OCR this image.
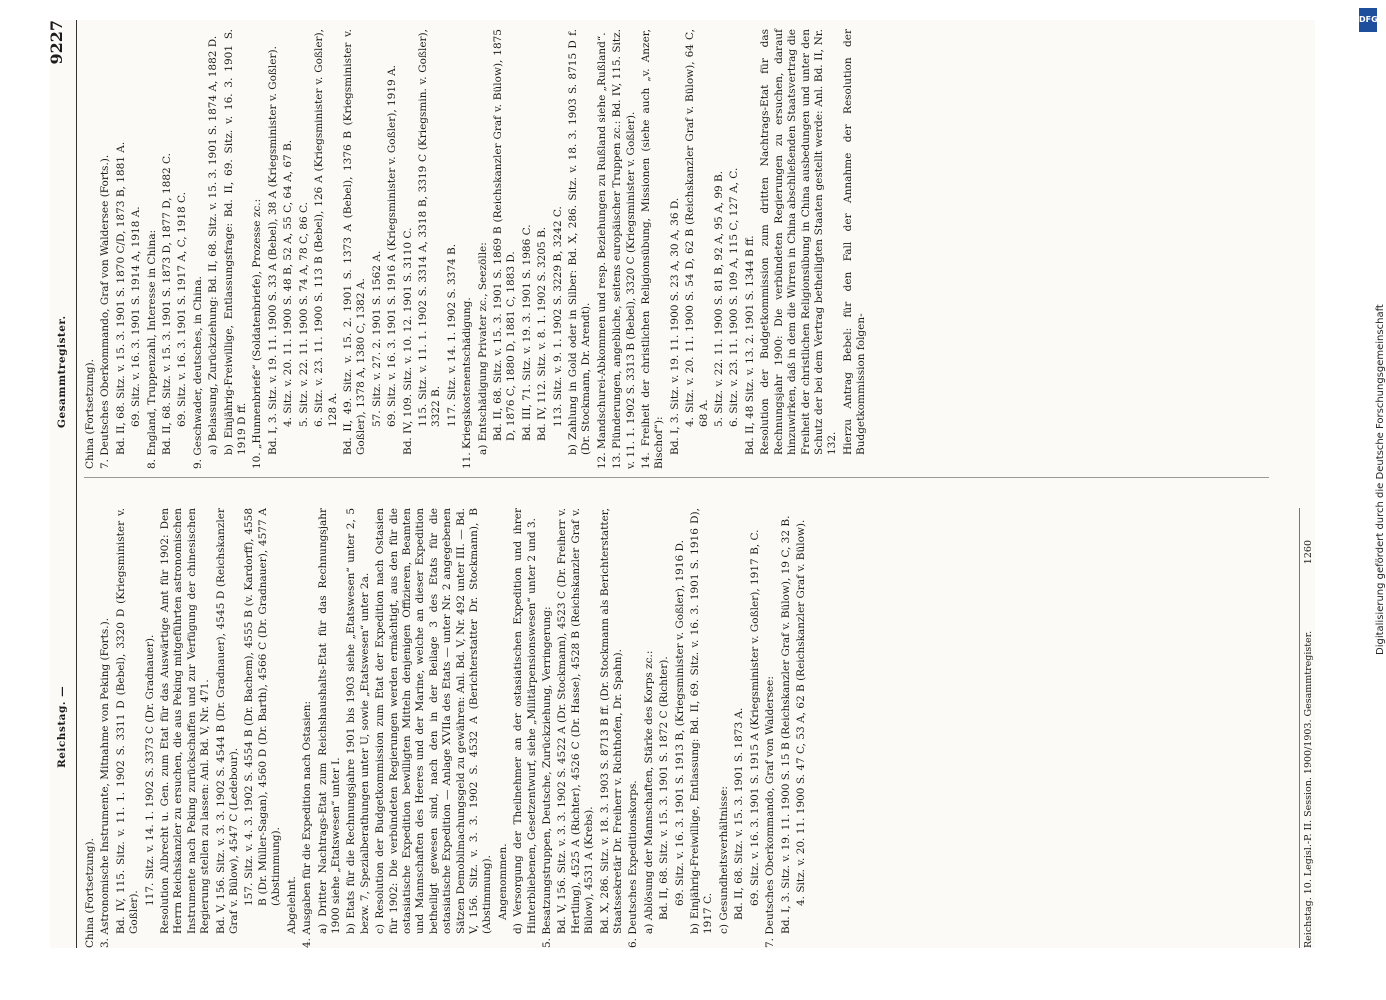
Reichstag. —
Gesammtregister.
9227

China (Fortsetzung). 3. Astronomische Instrumente, Mitnahme von Peking (Forts.). Bd. IV, 115. Sitz. v. 11. 1. 1902 S. 3311 D (Bebel), 3320 D (Kriegsminister v. Goßler).

117. Sitz. v. 14. 1. 1902 S. 3373 C (Dr. Gradnauer). Resolution Albrecht u. Gen. zum Etat für das Auswärtige Amt für 1902: Den Herrn Reichskanzler zu ersuchen, die aus Peking mitgeführten astronomischen Instrumente nach Peking zurückschaffen und zur Verfügung der chinesischen Regierung stellen zu lassen: Anl. Bd. V, Nr. 471. Bd. V, 156. Sitz. v. 3. 3. 1902 S. 4544 B (Dr. Gradnauer), 4545 D (Reichskanzler Graf v. Bülow), 4547 C (Ledebour). 157. Sitz. v. 4. 3. 1902 S. 4554 B (Dr. Bachem), 4555 B (v. Kardorff), 4558 B (Dr. Müller-Sagan), 4560 D (Dr. Barth), 4566 C (Dr. Gradnauer), 4577 A (Abstimmung). Abgelehnt. 4. Ausgaben für die Expedition nach Ostasien: a) Dritter Nachtrags-Etat zum Reichshaushalts-Etat für das Rechnungsjahr 1900 siehe „Etatswesen“ unter I. b) Etats für die Rechnungsjahre 1901 bis 1903 siehe „Etatswesen“ unter 2, 5 bezw. 7, Spezialberathungen unter U, sowie „Etatswesen“ unter 2a. c) Resolution der Budgetkommission zum Etat der Expedition nach Ostasien für 1902: Die verbündeten Regierungen werden ermächtigt, aus den für die ostasiatische Expedition bewilligten Mitteln denjenigen Offizieren, Beamten und Mannschaften des Heeres und der Marine, welche an dieser Expedition betheiligt gewesen sind, nach den in der Beilage 3 des Etats für die ostasiatische Expedition — Anlage XVIIa des Etats — unter Nr. 2 angegebenen Sätzen Demobilmachungsgeld zu gewähren: Anl. Bd. V, Nr. 492 unter III. — Bd. V, 156. Sitz. v. 3. 3. 1902 S. 4532 A (Berichterstatter Dr. Stockmann), B (Abstimmung). Angenommen. d) Versorgung der Theilnehmer an der ostasiatischen Expedition und ihrer Hinterbliebenen, Gesetzentwurf, siehe „Militärpensionswesen“ unter 2 und 3. 5. Besatzungstruppen, Deutsche, Zurückziehung, Verringerung: Bd. V, 156. Sitz. v. 3. 3. 1902 S. 4522 A (Dr. Stockmann), 4523 C (Dr. Freiherr v. Hertling), 4525 A (Richter), 4526 C (Dr. Hasse), 4528 B (Reichskanzler Graf v. Bülow), 4531 A (Krebs). Bd. X, 286. Sitz. v. 18. 3. 1903 S. 8713 B ff. (Dr. Stockmann als Berichterstatter, Staatssekretär Dr. Freiherr v. Richthofen, Dr. Spahn). 6. Deutsches Expeditionskorps. a) Ablösung der Mannschaften, Stärke des Korps zc.: Bd. II, 68. Sitz. v. 15. 3. 1901 S. 1872 C (Richter). 69. Sitz. v. 16. 3. 1901 S. 1913 B, (Kriegsminister v. Goßler), 1916 D. b) Einjährig-Freiwillige, Entlassung: Bd. II, 69. Sitz. v. 16. 3. 1901 S. 1916 D), 1917 C. c) Gesundheitsverhältnisse: Bd. II, 68. Sitz. v. 15. 3. 1901 S. 1873 A. 69. Sitz. v. 16. 3. 1901 S. 1915 A (Kriegsminister v. Goßler), 1917 B, C. 7. Deutsches Oberkommando, Graf von Waldersee: Bd. I, 3. Sitz. v. 19. 11. 1900 S. 15 B (Reichskanzler Graf v. Bülow), 19 C, 32 B. 4. Sitz. v. 20. 11. 1900 S. 47 C, 53 A, 62 B (Reichskanzler Graf v. Bülow).

China (Fortsetzung). 7. Deutsches Oberkommando, Graf von Waldersee (Forts.). Bd. II, 68. Sitz. v. 15. 3. 1901 S. 1870 C/D, 1873 B, 1881 A. 69. Sitz. v. 16. 3. 1901 S. 1914 A, 1918 A. 8. England, Truppenzahl, Interesse in China: Bd. II, 68. Sitz. v. 15. 3. 1901 S. 1873 D, 1877 D, 1882 C. 69. Sitz. v. 16. 3. 1901 S. 1917 A, C, 1918 C. 9. Geschwader, deutsches, in China. a) Belassung, Zurückziehung: Bd. II, 68. Sitz. v. 15. 3. 1901 S. 1874 A, 1882 D. b) Einjährig-Freiwillige, Entlassungsfrage: Bd. II, 69. Sitz. v. 16. 3. 1901 S. 1919 D ff. 10. „Hunnenbriefe“ (Soldatenbriefe), Prozesse zc.: Bd. I, 3. Sitz. v. 19. 11. 1900 S. 33 A (Bebel), 38 A (Kriegsminister v. Goßler). 4. Sitz. v. 20. 11. 1900 S. 48 B, 52 A, 55 C, 64 A, 67 B. 5. Sitz. v. 22. 11. 1900 S. 74 A, 78 C, 86 C. 6. Sitz. v. 23. 11. 1900 S. 113 B (Bebel), 126 A (Kriegsminister v. Goßler), 128 A. Bd. II, 49. Sitz. v. 15. 2. 1901 S. 1373 A (Bebel), 1376 B (Kriegsminister v. Goßler), 1378 A, 1380 C, 1382 A. 57. Sitz. v. 27. 2. 1901 S. 1562 A. 69. Sitz. v. 16. 3. 1901 S. 1916 A (Kriegsminister v. Goßler), 1919 A. Bd. IV, 109. Sitz. v. 10. 12. 1901 S. 3110 C. 115. Sitz. v. 11. 1. 1902 S. 3314 A, 3318 B, 3319 C (Kriegsmin. v. Goßler), 3322 B. 117. Sitz. v. 14. 1. 1902 S. 3374 B. 11. Kriegskostenentschädigung. a) Entschädigung Privater zc., Seezölle: Bd. II, 68. Sitz. v. 15. 3. 1901 S. 1869 B (Reichskanzler Graf v. Bülow), 1875 D, 1876 C, 1880 D, 1881 C, 1883 D. Bd. III, 71. Sitz. v. 19. 3. 1901 S. 1986 C. Bd. IV, 112. Sitz. v. 8. 1. 1902 S. 3205 B. 113. Sitz. v. 9. 1. 1902 S. 3229 B, 3242 C. b) Zahlung in Gold oder in Silber: Bd. X, 286. Sitz. v. 18. 3. 1903 S. 8715 D f. (Dr. Stockmann, Dr. Arendt). 12. Mandschurei-Abkommen und resp. Beziehungen zu Rußland siehe „Rußland“. 13. Plünderungen, angebliche, seitens europäischer Truppen zc.: Bd. IV, 115. Sitz. v. 11. 1. 1902 S. 3313 B (Bebel), 3320 C (Kriegsminister v. Goßler). 14. Freiheit der christlichen Religionsübung, Missionen (siehe auch „v. Anzer, Bischof“): Bd. I, 3. Sitz. v. 19. 11. 1900 S. 23 A, 30 A, 36 D. 4. Sitz. v. 20. 11. 1900 S. 54 D, 62 B (Reichskanzler Graf v. Bülow), 64 C, 68 A. 5. Sitz. v. 22. 11. 1900 S. 81 B, 92 A, 95 A, 99 B. 6. Sitz. v. 23. 11. 1900 S. 109 A, 115 C, 127 A, C. Bd. II, 48 Sitz. v. 13. 2. 1901 S. 1344 B ff. Resolution der Budgetkommission zum dritten Nachtrags-Etat für das Rechnungsjahr 1900: Die verbündeten Regierungen zu ersuchen, darauf hinzuwirken, daß in dem die Wirren in China abschließenden Staatsvertrag die Freiheit der christlichen Religionsübung in China ausbedungen und unter den Schutz der bei dem Vertrag betheiligten Staaten gestellt werde: Anl. Bd. II, Nr. 132. Hierzu Antrag Bebel: für den Fall der Annahme der Resolution der Budgetkommission folgen-

Reichstag. 10. Legisl.-P. II. Session. 1900/1903. Gesammtregister.
1260
DFG
Digitalisierung gefördert durch die Deutsche Forschungsgemeinschaft
